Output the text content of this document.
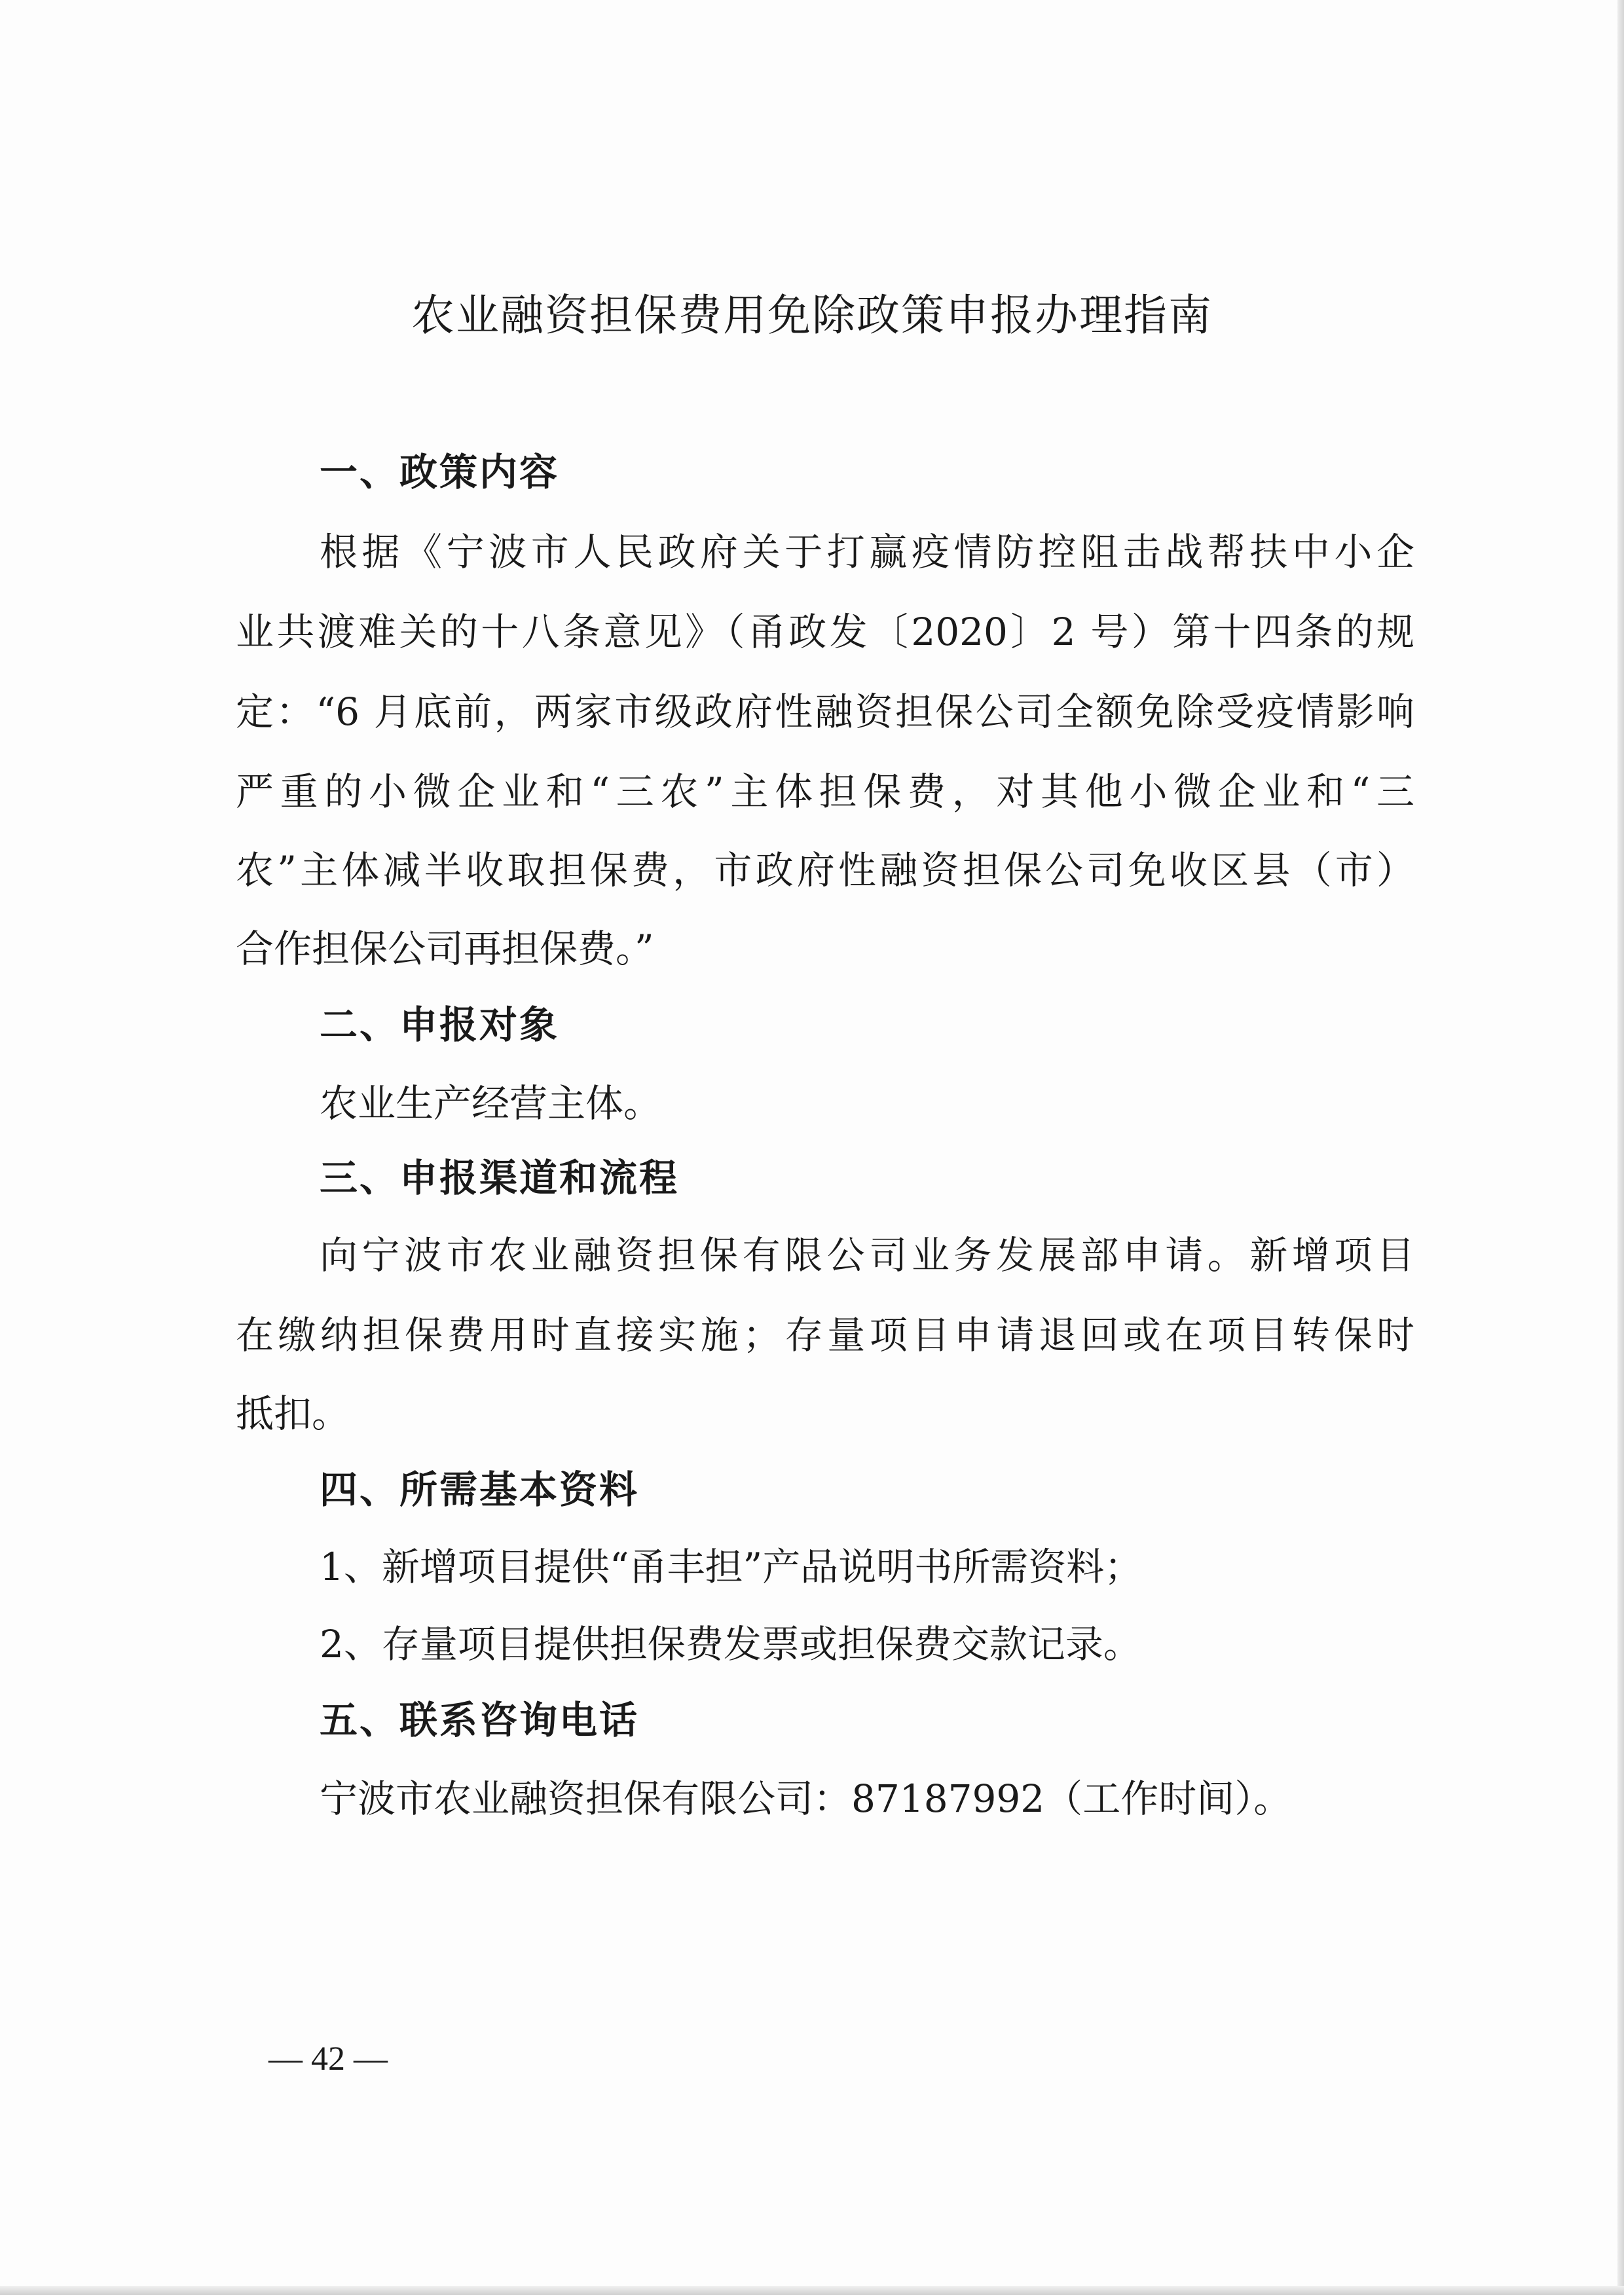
农业融资担保费用免除政策申报办理指南

一、政策内容

根据《宁波市人民政府关于打赢疫情防控阻击战帮扶中小企

业共渡难关的十八条意见》（甬政发〔2020〕2 号）第十四条的规

定：“6 月底前，两家市级政府性融资担保公司全额免除受疫情影响

严重的小微企业和“三农”主体担保费，对其他小微企业和“三

农”主体减半收取担保费，市政府性融资担保公司免收区县（市）

合作担保公司再担保费。”

二、申报对象

农业生产经营主体。

三、申报渠道和流程

向宁波市农业融资担保有限公司业务发展部申请。新增项目

在缴纳担保费用时直接实施；存量项目申请退回或在项目转保时

抵扣。

四、所需基本资料

1、新增项目提供“甬丰担”产品说明书所需资料；

2、存量项目提供担保费发票或担保费交款记录。

五、联系咨询电话

宁波市农业融资担保有限公司：87187992（工作时间）。

— 42 —
